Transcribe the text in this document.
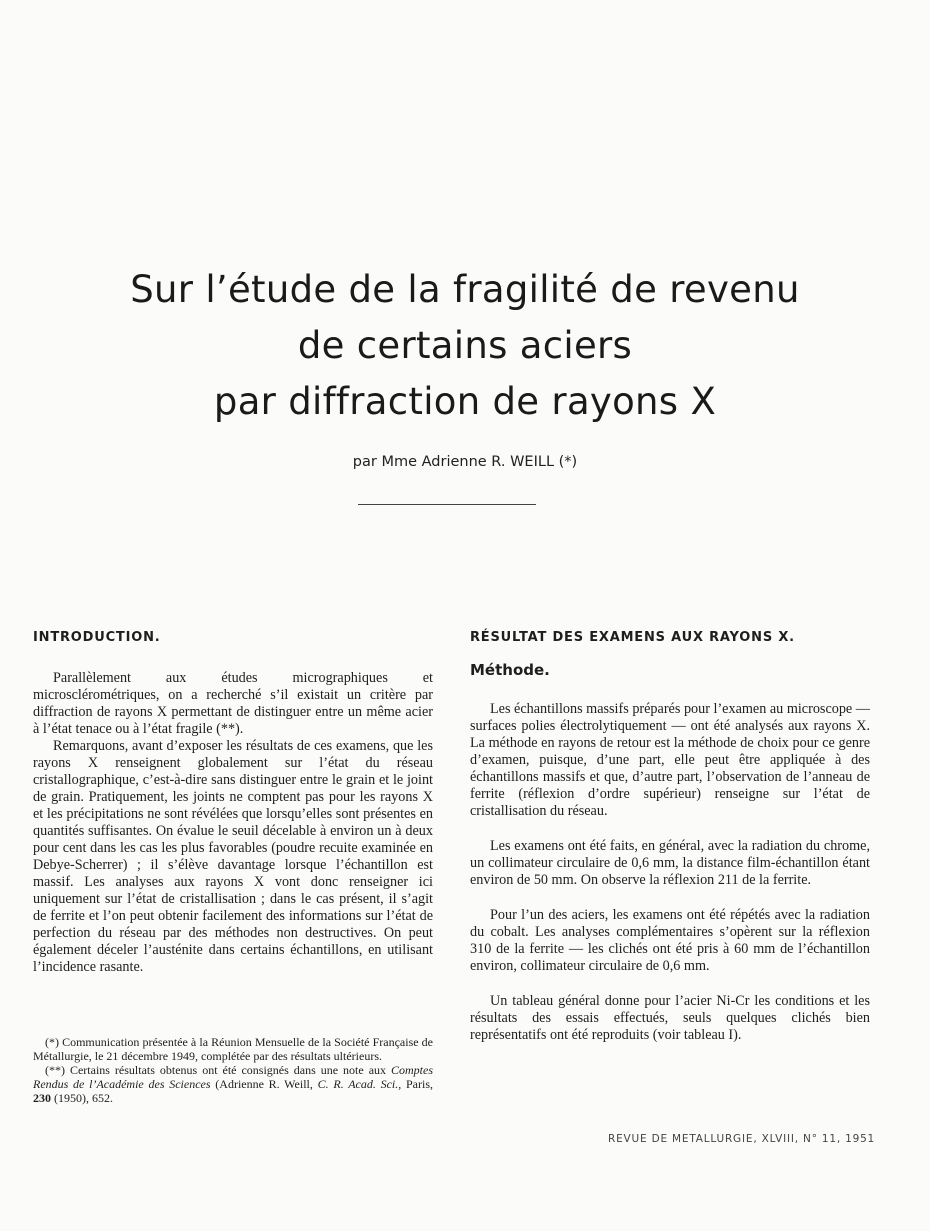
Sur l’étude de la fragilité de revenu
de certains aciers
par diffraction de rayons X
par Mme Adrienne R. WEILL (*)
INTRODUCTION.

Parallèlement aux études micrographiques et microsclérométriques, on a recherché s’il existait un critère par diffraction de rayons X permettant de distinguer entre un même acier à l’état tenace ou à l’état fragile (**).

Remarquons, avant d’exposer les résultats de ces examens, que les rayons X renseignent globalement sur l’état du réseau cristallographique, c’est-à-dire sans distinguer entre le grain et le joint de grain. Pratiquement, les joints ne comptent pas pour les rayons X et les précipitations ne sont révélées que lorsqu’elles sont présentes en quantités suffisantes. On évalue le seuil décelable à environ un à deux pour cent dans les cas les plus favorables (poudre recuite examinée en Debye-Scherrer) ; il s’élève davantage lorsque l’échantillon est massif. Les analyses aux rayons X vont donc renseigner ici uniquement sur l’état de cristallisation ; dans le cas présent, il s’agit de ferrite et l’on peut obtenir facilement des informations sur l’état de perfection du réseau par des méthodes non destructives. On peut également déceler l’austénite dans certains échantillons, en utilisant l’incidence rasante.

(*) Communication présentée à la Réunion Mensuelle de la Société Française de Métallurgie, le 21 décembre 1949, complétée par des résultats ultérieurs.

(**) Certains résultats obtenus ont été consignés dans une note aux Comptes Rendus de l’Académie des Sciences (Adrienne R. Weill, C. R. Acad. Sci., Paris, 230 (1950), 652.

RÉSULTAT DES EXAMENS AUX RAYONS X.
Méthode.

Les échantillons massifs préparés pour l’examen au microscope — surfaces polies électrolytiquement — ont été analysés aux rayons X. La méthode en rayons de retour est la méthode de choix pour ce genre d’examen, puisque, d’une part, elle peut être appliquée à des échantillons massifs et que, d’autre part, l’observation de l’anneau de ferrite (réflexion d’ordre supérieur) renseigne sur l’état de cristallisation du réseau.

Les examens ont été faits, en général, avec la radiation du chrome, un collimateur circulaire de 0,6 mm, la distance film-échantillon étant environ de 50 mm. On observe la réflexion 211 de la ferrite.

Pour l’un des aciers, les examens ont été répétés avec la radiation du cobalt. Les analyses complémentaires s’opèrent sur la réflexion 310 de la ferrite — les clichés ont été pris à 60 mm de l’échantillon environ, collimateur circulaire de 0,6 mm.

Un tableau général donne pour l’acier Ni-Cr les conditions et les résultats des essais effectués, seuls quelques clichés bien représentatifs ont été reproduits (voir tableau I).

REVUE DE METALLURGIE, XLVIII, N° 11, 1951
